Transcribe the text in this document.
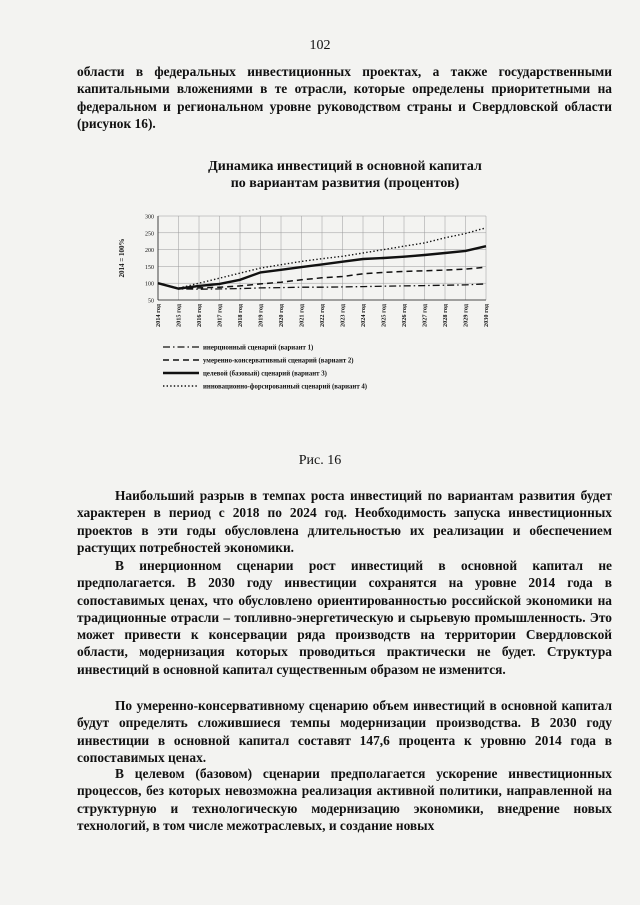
102
области в федеральных инвестиционных проектах, а также государственными капитальными вложениями в те отрасли, которые определены приоритетными на федеральном и региональном уровне руководством страны и Свердловской области (рисунок 16).
Динамика инвестиций в основной капитал
по вариантам развития (процентов)
50
100
150
200
250
300
2014 = 100%
2014 год 2015 год 2016 год 2017 год 2018 год 2019 год 2020 год 2021 год 2022 год 2023 год 2024 год 2025 год 2026 год 2027 год 2028 год 2029 год 2030 год
инерционный сценарий (вариант 1)
умеренно-консервативный сценарий (вариант 2)
целевой (базовый) сценарий (вариант 3)
инновационно-форсированный сценарий (вариант 4)
Рис. 16
Наибольший разрыв в темпах роста инвестиций по вариантам развития будет характерен в период с 2018 по 2024 год. Необходимость запуска инвестиционных проектов в эти годы обусловлена длительностью их реализации и обеспечением растущих потребностей экономики.
В инерционном сценарии рост инвестиций в основной капитал не предполагается. В 2030 году инвестиции сохранятся на уровне 2014 года в сопоставимых ценах, что обусловлено ориентированностью российской экономики на традиционные отрасли – топливно-энергетическую и сырьевую промышленность. Это может привести к консервации ряда производств на территории Свердловской области, модернизация которых проводиться практически не будет. Структура инвестиций в основной капитал существенным образом не изменится.
По умеренно-консервативному сценарию объем инвестиций в основной капитал будут определять сложившиеся темпы модернизации производства. В 2030 году инвестиции в основной капитал составят 147,6 процента к уровню 2014 года в сопоставимых ценах.
В целевом (базовом) сценарии предполагается ускорение инвестиционных процессов, без которых невозможна реализация активной политики, направленной на структурную и технологическую модернизацию экономики, внедрение новых технологий, в том числе межотраслевых, и создание новых
